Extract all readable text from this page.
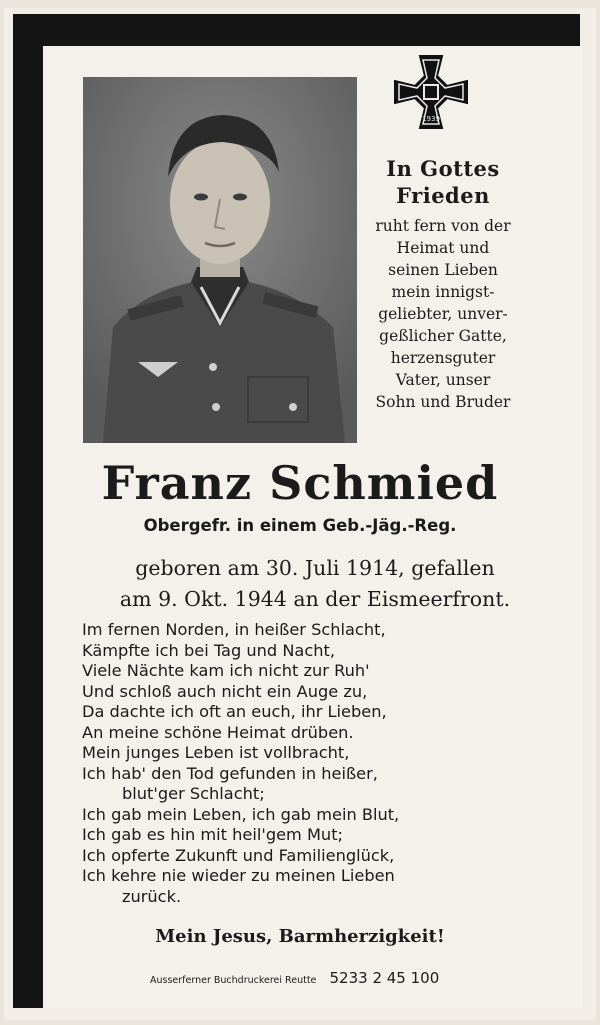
1939
In Gottes
Frieden
ruht fern von der
Heimat und
seinen Lieben
mein innigst-
geliebter, unver-
geßlicher Gatte,
herzensguter
Vater, unser
Sohn und Bruder
Franz Schmied
Obergefr. in einem Geb.-Jäg.-Reg.
geboren am 30. Juli 1914, gefallen
am 9. Okt. 1944 an der Eismeerfront.
Im fernen Norden, in heißer Schlacht,
Kämpfte ich bei Tag und Nacht,
Viele Nächte kam ich nicht zur Ruh'
Und schloß auch nicht ein Auge zu,
Da dachte ich oft an euch, ihr Lieben,
An meine schöne Heimat drüben.
Mein junges Leben ist vollbracht,
Ich hab' den Tod gefunden in heißer,
blut'ger Schlacht;
Ich gab mein Leben, ich gab mein Blut,
Ich gab es hin mit heil'gem Mut;
Ich opferte Zukunft und Familienglück,
Ich kehre nie wieder zu meinen Lieben
zurück.
Mein Jesus, Barmherzigkeit!
Ausserferner Buchdruckerei Reutte 5233 2 45 100
